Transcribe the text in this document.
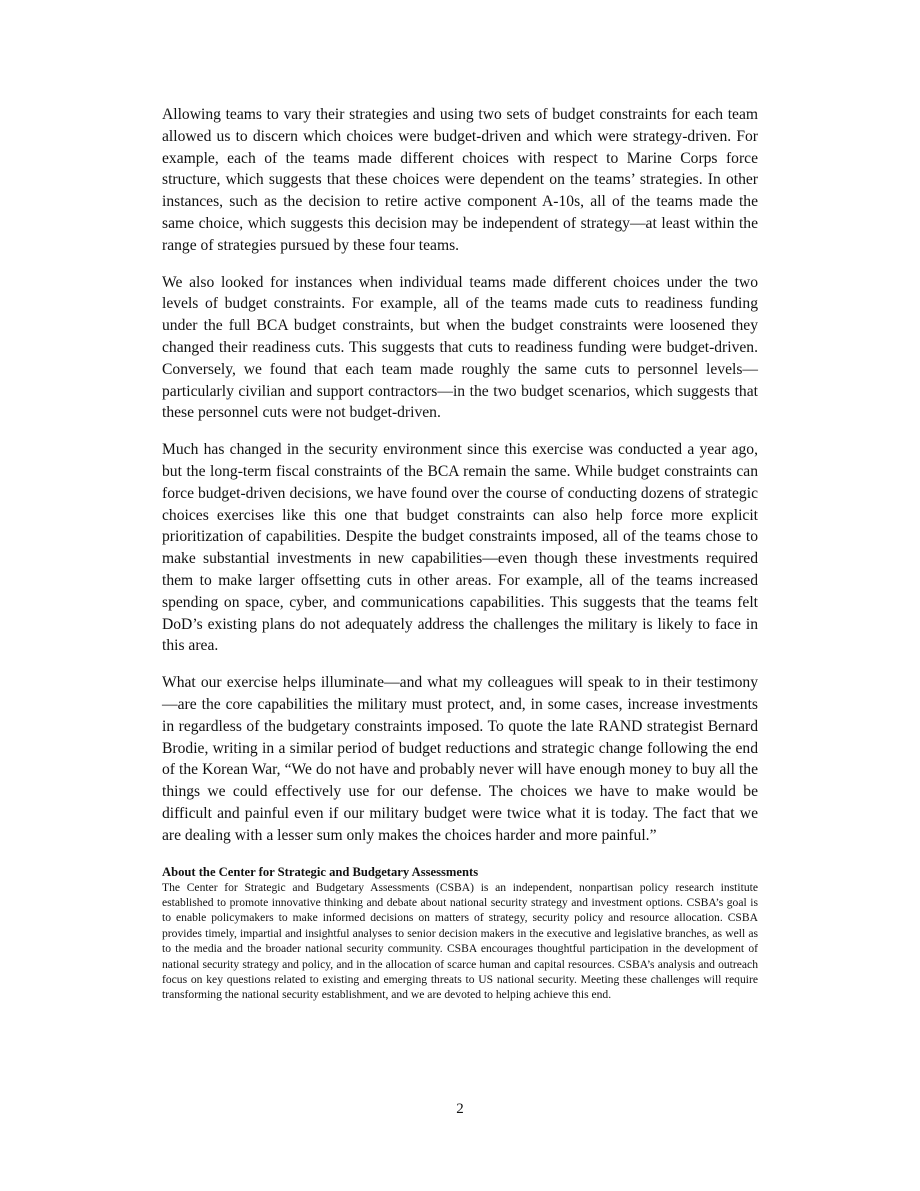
Allowing teams to vary their strategies and using two sets of budget constraints for each team allowed us to discern which choices were budget-driven and which were strategy-driven. For example, each of the teams made different choices with respect to Marine Corps force structure, which suggests that these choices were dependent on the teams’ strategies. In other instances, such as the decision to retire active component A-10s, all of the teams made the same choice, which suggests this decision may be independent of strategy—at least within the range of strategies pursued by these four teams.

We also looked for instances when individual teams made different choices under the two levels of budget constraints. For example, all of the teams made cuts to readiness funding under the full BCA budget constraints, but when the budget constraints were loosened they changed their readiness cuts. This suggests that cuts to readiness funding were budget-driven. Conversely, we found that each team made roughly the same cuts to personnel levels—particularly civilian and support contractors—in the two budget scenarios, which suggests that these personnel cuts were not budget-driven.

Much has changed in the security environment since this exercise was conducted a year ago, but the long-term fiscal constraints of the BCA remain the same. While budget constraints can force budget-driven decisions, we have found over the course of conducting dozens of strategic choices exercises like this one that budget constraints can also help force more explicit prioritization of capabilities. Despite the budget constraints imposed, all of the teams chose to make substantial investments in new capabilities—even though these investments required them to make larger offsetting cuts in other areas. For example, all of the teams increased spending on space, cyber, and communications capabilities. This suggests that the teams felt DoD’s existing plans do not adequately address the challenges the military is likely to face in this area.

What our exercise helps illuminate—and what my colleagues will speak to in their testimony—are the core capabilities the military must protect, and, in some cases, increase investments in regardless of the budgetary constraints imposed. To quote the late RAND strategist Bernard Brodie, writing in a similar period of budget reductions and strategic change following the end of the Korean War, “We do not have and probably never will have enough money to buy all the things we could effectively use for our defense. The choices we have to make would be difficult and painful even if our military budget were twice what it is today. The fact that we are dealing with a lesser sum only makes the choices harder and more painful.”

About the Center for Strategic and Budgetary Assessments

The Center for Strategic and Budgetary Assessments (CSBA) is an independent, nonpartisan policy research institute established to promote innovative thinking and debate about national security strategy and investment options. CSBA’s goal is to enable policymakers to make informed decisions on matters of strategy, security policy and resource allocation. CSBA provides timely, impartial and insightful analyses to senior decision makers in the executive and legislative branches, as well as to the media and the broader national security community. CSBA encourages thoughtful participation in the development of national security strategy and policy, and in the allocation of scarce human and capital resources. CSBA’s analysis and outreach focus on key questions related to existing and emerging threats to US national security. Meeting these challenges will require transforming the national security establishment, and we are devoted to helping achieve this end.

2
